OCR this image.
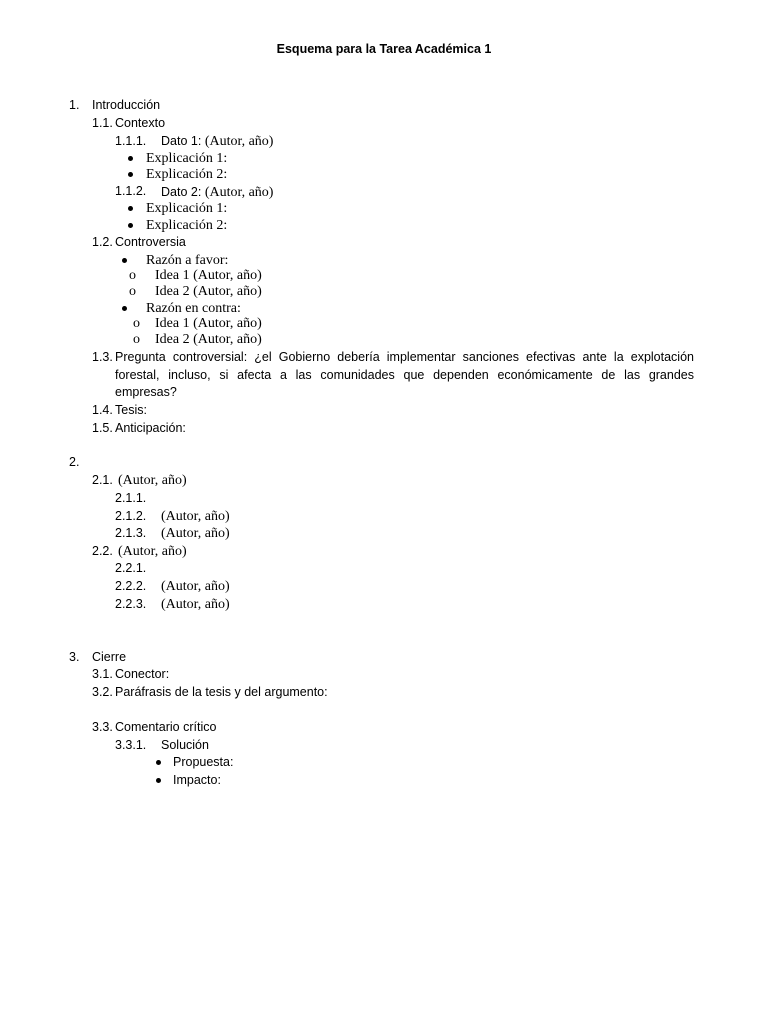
Esquema para la Tarea Académica 1
1. Introducción
1.1. Contexto
1.1.1. Dato 1: (Autor, año)
Explicación 1:
Explicación 2:
1.1.2. Dato 2: (Autor, año)
Explicación 1:
Explicación 2:
1.2. Controversia
Razón a favor:
o Idea 1 (Autor, año)
o Idea 2 (Autor, año)
Razón en contra:
o Idea 1 (Autor, año)
o Idea 2 (Autor, año)
1.3. Pregunta controversial: ¿el Gobierno debería implementar sanciones efectivas ante la explotación forestal, incluso, si afecta a las comunidades que dependen económicamente de las grandes empresas?
1.4. Tesis:
1.5. Anticipación:
2.
2.1. (Autor, año)
2.1.1.
2.1.2. (Autor, año)
2.1.3. (Autor, año)
2.2. (Autor, año)
2.2.1.
2.2.2. (Autor, año)
2.2.3. (Autor, año)
3. Cierre
3.1. Conector:
3.2. Paráfrasis de la tesis y del argumento:
3.3. Comentario crítico
3.3.1. Solución
Propuesta:
Impacto:
